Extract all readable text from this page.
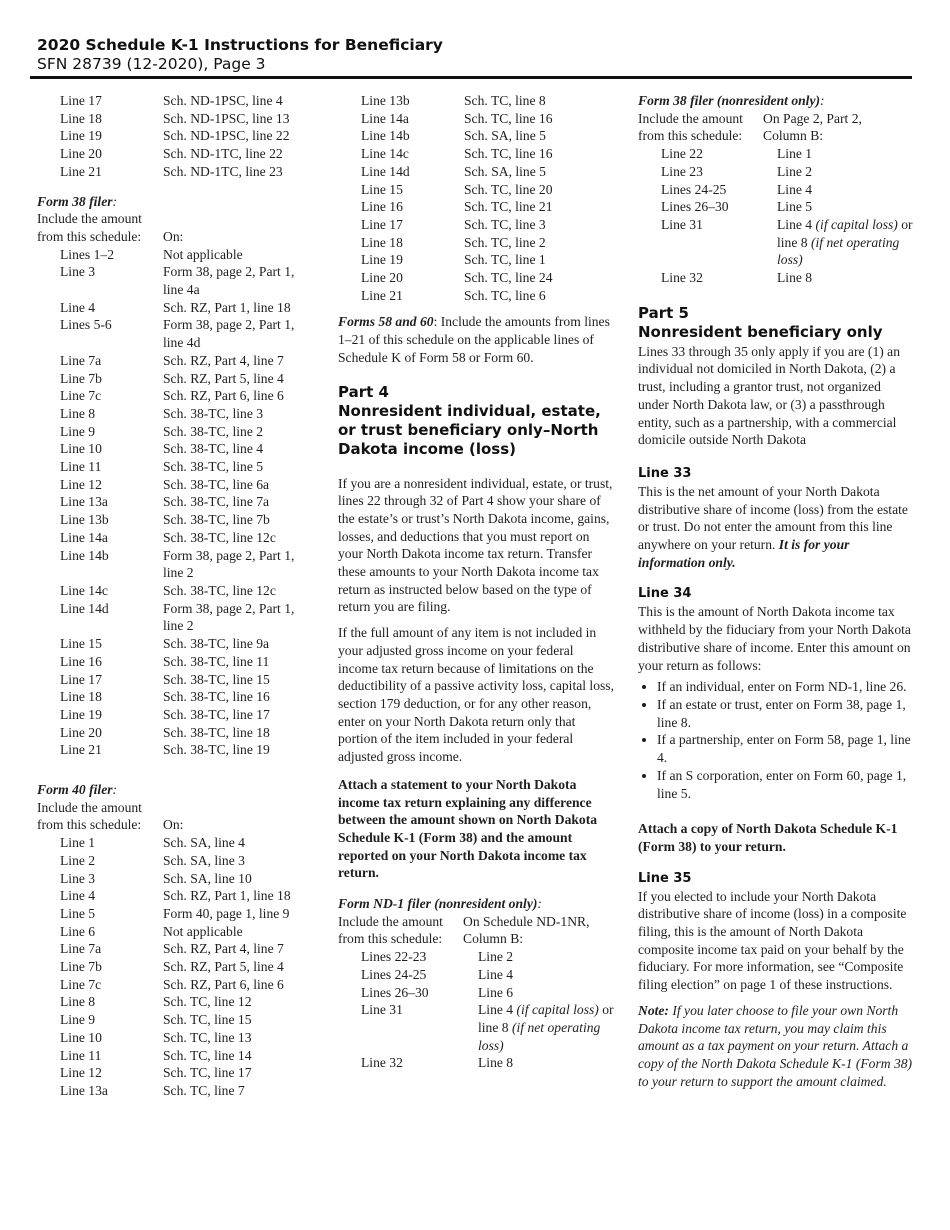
2020 Schedule K-1 Instructions for Beneficiary
SFN 28739 (12-2020), Page 3
Line 17	Sch. ND-1PSC, line 4
Line 18	Sch. ND-1PSC, line 13
Line 19	Sch. ND-1PSC, line 22
Line 20	Sch. ND-1TC, line 22
Line 21	Sch. ND-1TC, line 23
Form 38 filer:
Include the amount	
from this schedule:	On:
Lines 1–2	Not applicable
Line 3	Form 38, page 2, Part 1, line 4a
Line 4	Sch. RZ, Part 1, line 18
Lines 5-6	Form 38, page 2, Part 1, line 4d
Line 7a	Sch. RZ, Part 4, line 7
Line 7b	Sch. RZ, Part 5, line 4
Line 7c	Sch. RZ, Part 6, line 6
Line 8	Sch. 38-TC, line 3
Line 9	Sch. 38-TC, line 2
Line 10	Sch. 38-TC, line 4
Line 11	Sch. 38-TC, line 5
Line 12	Sch. 38-TC, line 6a
Line 13a	Sch. 38-TC, line 7a
Line 13b	Sch. 38-TC, line 7b
Line 14a	Sch. 38-TC, line 12c
Line 14b	Form 38, page 2, Part 1, line 2
Line 14c	Sch. 38-TC, line 12c
Line 14d	Form 38, page 2, Part 1, line 2
Line 15	Sch. 38-TC, line 9a
Line 16	Sch. 38-TC, line 11
Line 17	Sch. 38-TC, line 15
Line 18	Sch. 38-TC, line 16
Line 19	Sch. 38-TC, line 17
Line 20	Sch. 38-TC, line 18
Line 21	Sch. 38-TC, line 19
Form 40 filer:
Include the amount	
from this schedule:	On:
Line 1	Sch. SA, line 4
Line 2	Sch. SA, line 3
Line 3	Sch. SA, line 10
Line 4	Sch. RZ, Part 1, line 18
Line 5	Form 40, page 1, line 9
Line 6	Not applicable
Line 7a	Sch. RZ, Part 4, line 7
Line 7b	Sch. RZ, Part 5, line 4
Line 7c	Sch. RZ, Part 6, line 6
Line 8	Sch. TC, line 12
Line 9	Sch. TC, line 15
Line 10	Sch. TC, line 13
Line 11	Sch. TC, line 14
Line 12	Sch. TC, line 17
Line 13a	Sch. TC, line 7
Line 13b	Sch. TC, line 8
Line 14a	Sch. TC, line 16
Line 14b	Sch. SA, line 5
Line 14c	Sch. TC, line 16
Line 14d	Sch. SA, line 5
Line 15	Sch. TC, line 20
Line 16	Sch. TC, line 21
Line 17	Sch. TC, line 3
Line 18	Sch. TC, line 2
Line 19	Sch. TC, line 1
Line 20	Sch. TC, line 24
Line 21	Sch. TC, line 6

Forms 58 and 60: Include the amounts from lines 1–21 of this schedule on the applicable lines of Schedule K of Form 58 or Form 60.

Part 4
Nonresident individual, estate, or trust beneficiary only–North Dakota income (loss)

If you are a nonresident individual, estate, or trust, lines 22 through 32 of Part 4 show your share of the estate’s or trust’s North Dakota income, gains, losses, and deductions that you must report on your North Dakota income tax return. Transfer these amounts to your North Dakota income tax return as instructed below based on the type of return you are filing.

If the full amount of any item is not included in your adjusted gross income on your federal income tax return because of limitations on the deductibility of a passive activity loss, capital loss, section 179 deduction, or for any other reason, enter on your North Dakota return only that portion of the item included in your federal adjusted gross income.

Attach a statement to your North Dakota income tax return explaining any difference between the amount shown on North Dakota Schedule K-1 (Form 38) and the amount reported on your North Dakota income tax return.

Form ND-1 filer (nonresident only):
Include the amount	On Schedule ND-1NR,
from this schedule:	Column B:
Lines 22-23	Line 2
Lines 24-25	Line 4
Lines 26–30	Line 6
Line 31	Line 4 (if capital loss) or line 8 (if net operating loss)
Line 32	Line 8
Form 38 filer (nonresident only):
Include the amount	On Page 2, Part 2,
from this schedule:	Column B:
Line 22	Line 1
Line 23	Line 2
Lines 24-25	Line 4
Lines 26–30	Line 5
Line 31	Line 4 (if capital loss) or line 8 (if net operating loss)
Line 32	Line 8
Part 5
Nonresident beneficiary only

Lines 33 through 35 only apply if you are (1) an individual not domiciled in North Dakota, (2) a trust, including a grantor trust, not organized under North Dakota law, or (3) a passthrough entity, such as a partnership, with a commercial domicile outside North Dakota

Line 33

This is the net amount of your North Dakota distributive share of income (loss) from the estate or trust. Do not enter the amount from this line anywhere on your return. It is for your information only.

Line 34

This is the amount of North Dakota income tax withheld by the fiduciary from your North Dakota distributive share of income. Enter this amount on your return as follows:

• If an individual, enter on Form ND-1, line 26.
• If an estate or trust, enter on Form 38, page 1, line 8.
• If a partnership, enter on Form 58, page 1, line 4.
• If an S corporation, enter on Form 60, page 1, line 5.

Attach a copy of North Dakota Schedule K-1 (Form 38) to your return.

Line 35

If you elected to include your North Dakota distributive share of income (loss) in a composite filing, this is the amount of North Dakota composite income tax paid on your behalf by the fiduciary. For more information, see “Composite filing election” on page 1 of these instructions.

Note: If you later choose to file your own North Dakota income tax return, you may claim this amount as a tax payment on your return. Attach a copy of the North Dakota Schedule K-1 (Form 38) to your return to support the amount claimed.
